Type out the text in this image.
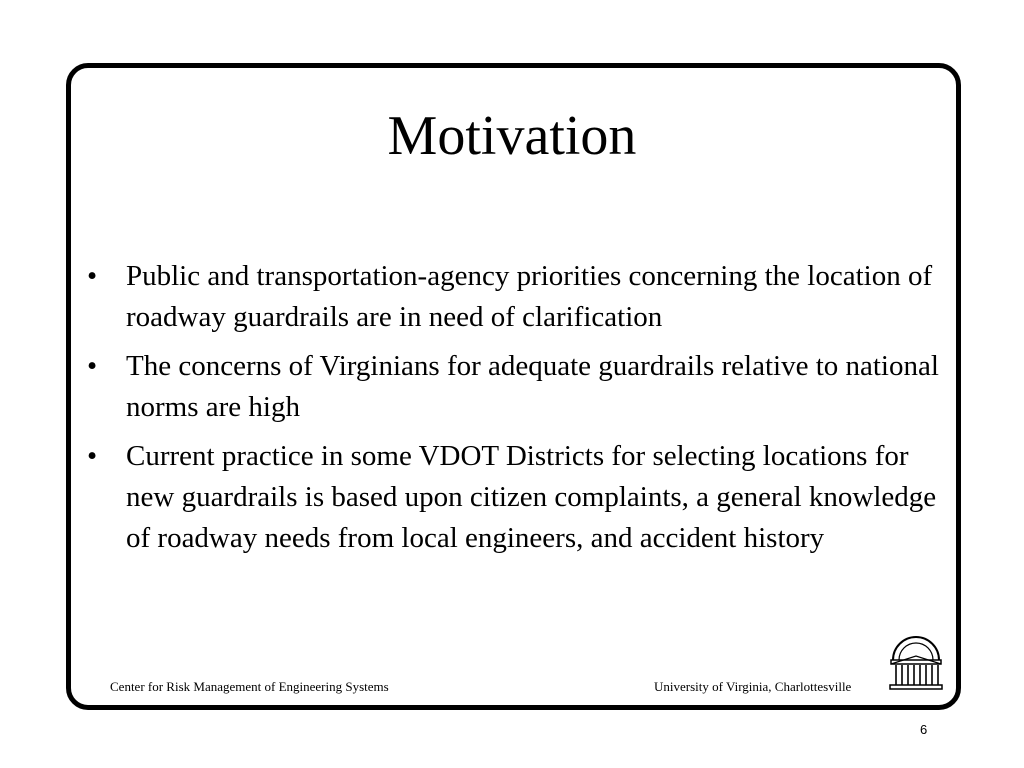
Motivation
• Public and transportation-agency priorities concerning the location of roadway guardrails are in need of clarification
• The concerns of Virginians for adequate guardrails relative to national norms are high
• Current practice in some VDOT Districts for selecting locations for new guardrails is based upon citizen complaints, a general knowledge of roadway needs from local engineers, and accident history
Center for Risk Management of Engineering Systems	University of Virginia, Charlottesville
6
